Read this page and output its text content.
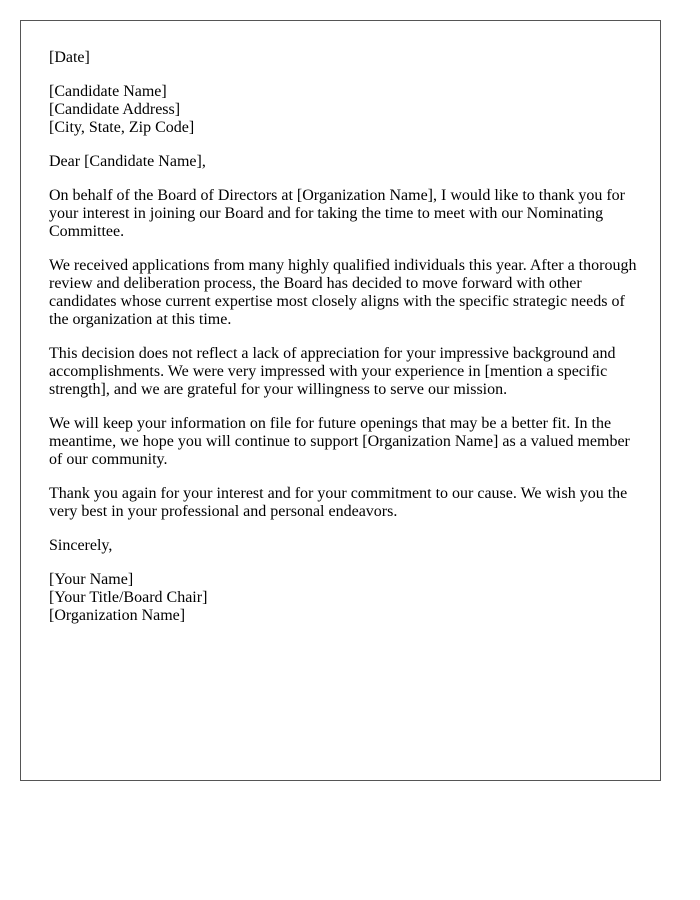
[Date]

[Candidate Name]
[Candidate Address]
[City, State, Zip Code]

Dear [Candidate Name],

On behalf of the Board of Directors at [Organization Name], I would like to thank you for your interest in joining our Board and for taking the time to meet with our Nominating Committee.

We received applications from many highly qualified individuals this year. After a thorough review and deliberation process, the Board has decided to move forward with other candidates whose current expertise most closely aligns with the specific strategic needs of the organization at this time.

This decision does not reflect a lack of appreciation for your impressive background and accomplishments. We were very impressed with your experience in [mention a specific strength], and we are grateful for your willingness to serve our mission.

We will keep your information on file for future openings that may be a better fit. In the meantime, we hope you will continue to support [Organization Name] as a valued member of our community.

Thank you again for your interest and for your commitment to our cause. We wish you the very best in your professional and personal endeavors.

Sincerely,

[Your Name]
[Your Title/Board Chair]
[Organization Name]
